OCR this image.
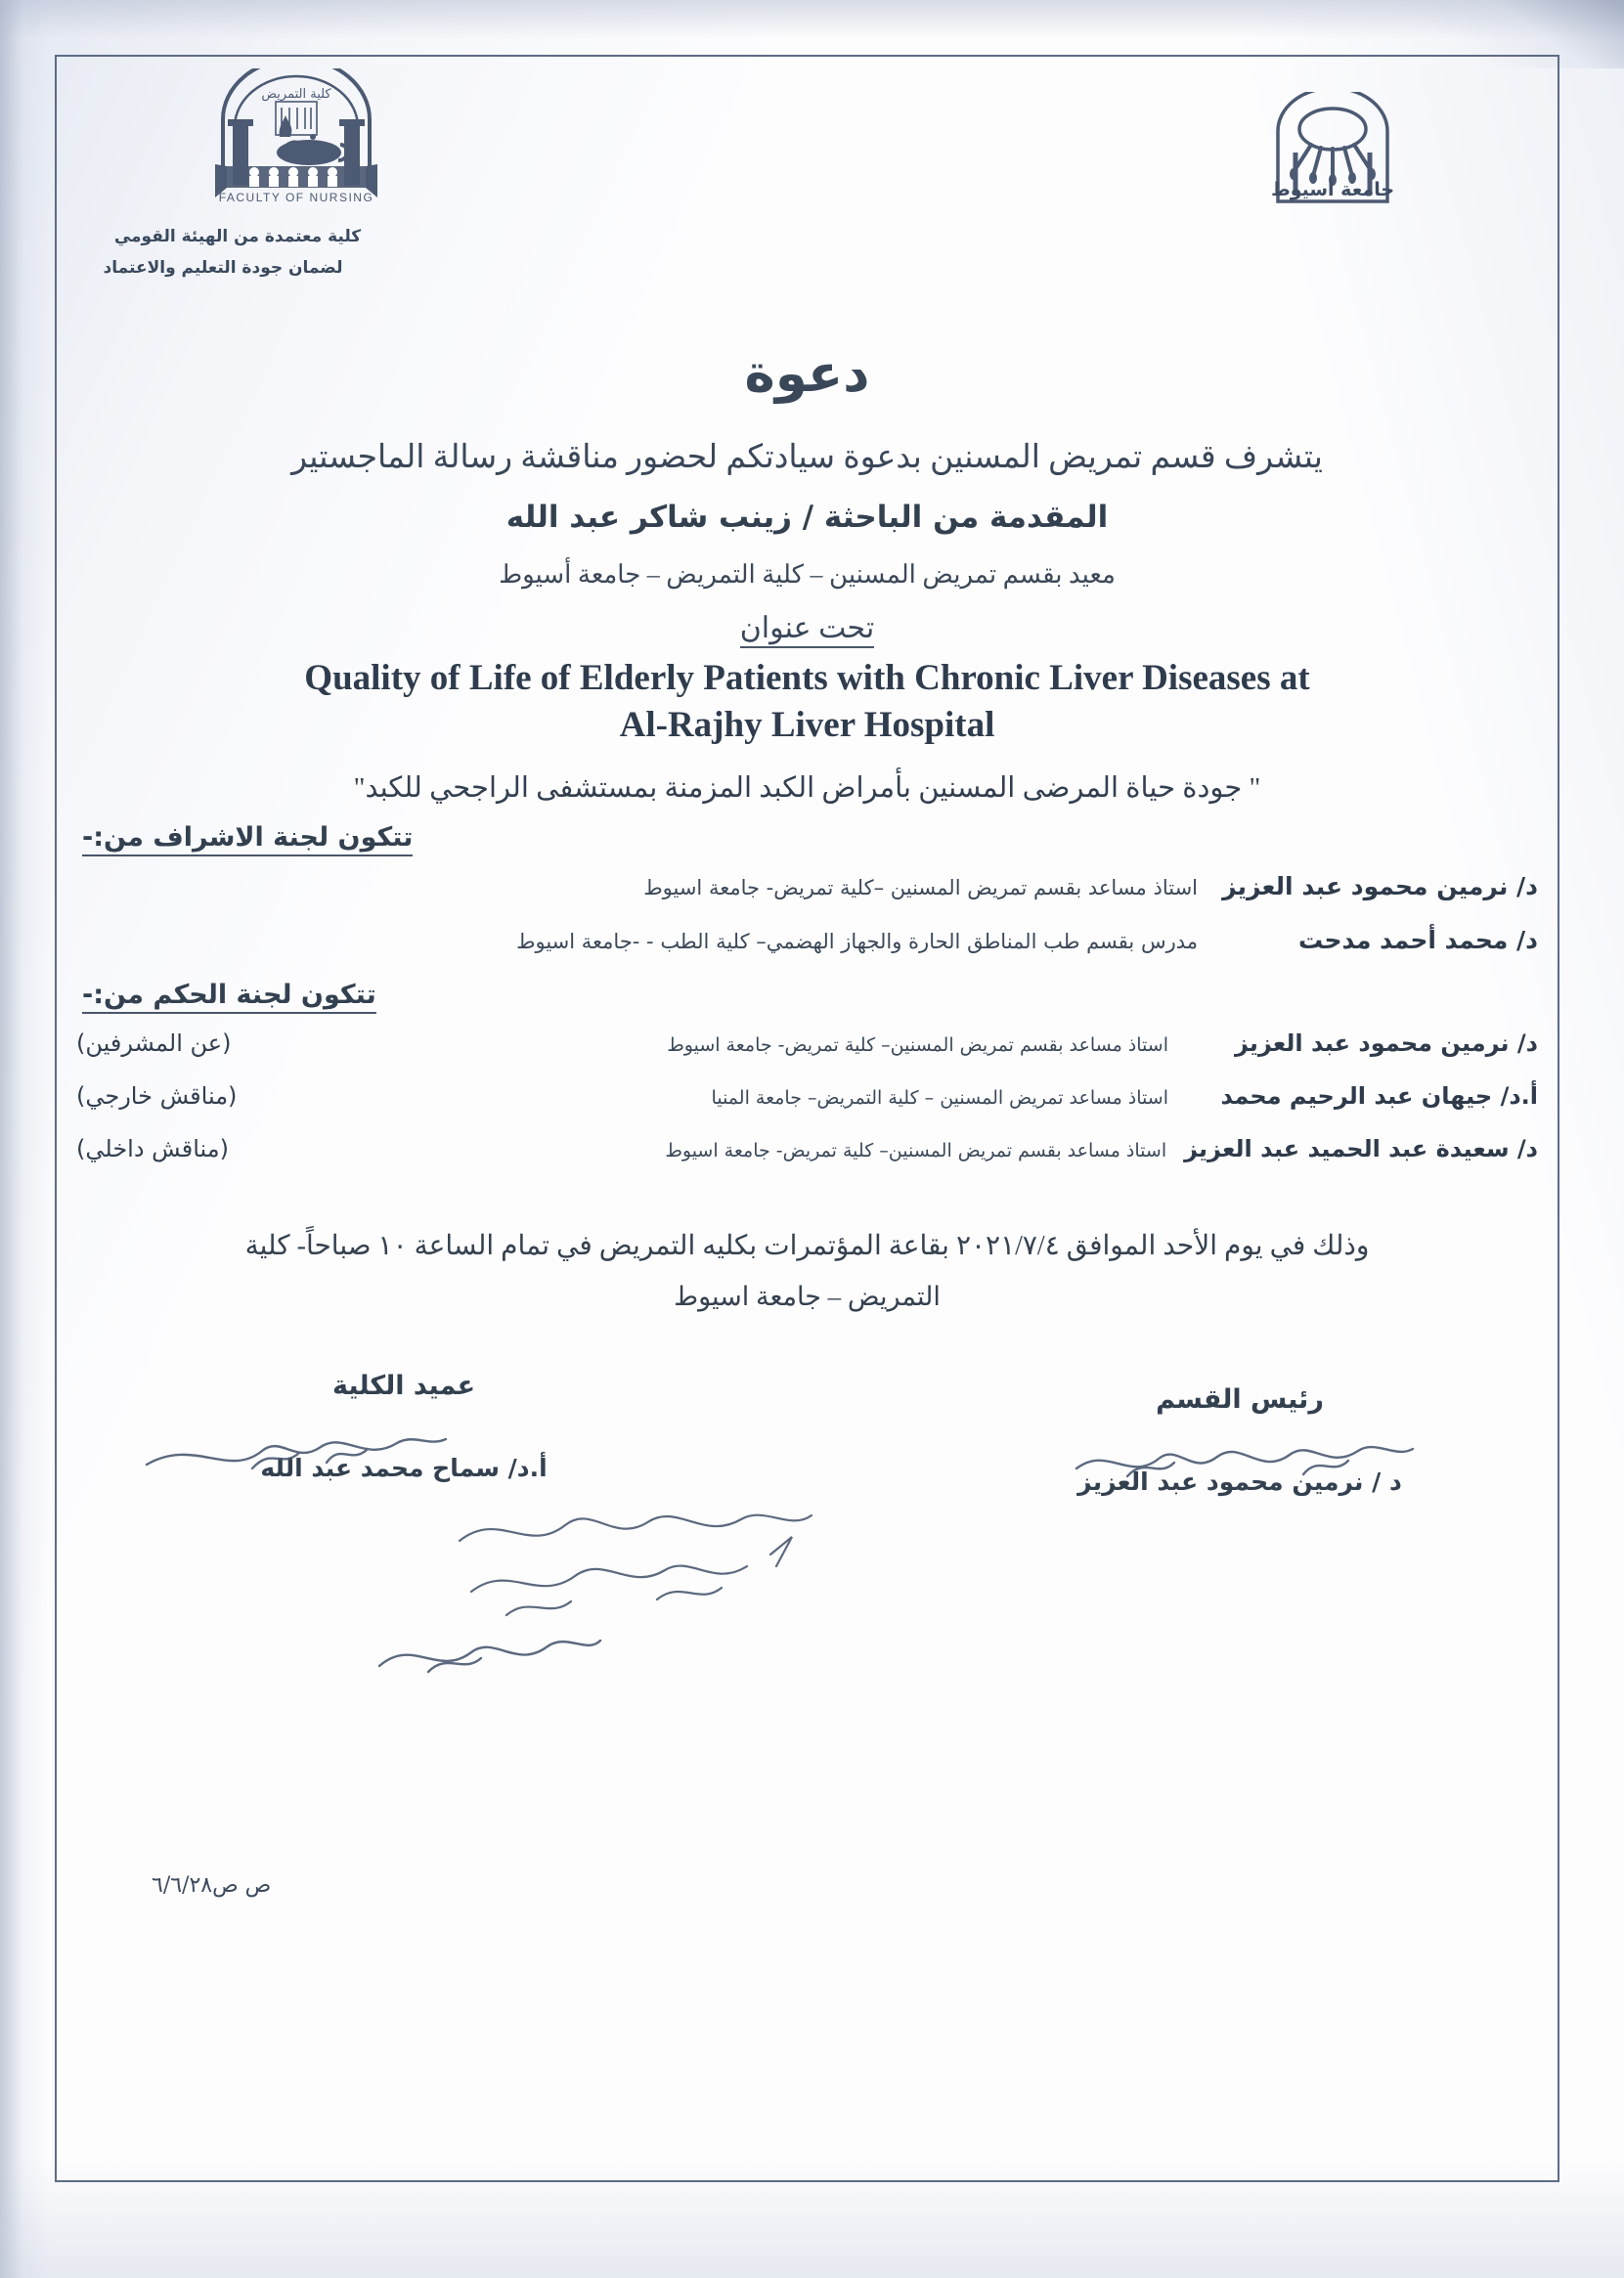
كلية التمريض
FACULTY OF NURSING
كلية معتمدة من الهيئة القومي
لضمان جودة التعليم والاعتماد
جامعة أسيوط
دعوة
يتشرف قسم تمريض المسنين بدعوة سيادتكم لحضور مناقشة رسالة الماجستير
المقدمة من الباحثة / زينب شاكر عبد الله
معيد بقسم تمريض المسنين – كلية التمريض – جامعة أسيوط
تحت عنوان
Quality of Life of Elderly Patients with Chronic Liver Diseases at
Al-Rajhy Liver Hospital
" جودة حياة المرضى المسنين بأمراض الكبد المزمنة بمستشفى الراجحي للكبد"
تتكون لجنة الاشراف من:-
د/ نرمين محمود عبد العزيز
استاذ مساعد بقسم تمريض المسنين –كلية تمريض- جامعة اسيوط
د/ محمد أحمد مدحت
مدرس بقسم طب المناطق الحارة والجهاز الهضمي– كلية الطب - -جامعة اسيوط
تتكون لجنة الحكم من:-
د/ نرمين محمود عبد العزيز
استاذ مساعد بقسم تمريض المسنين– كلية تمريض- جامعة اسيوط
(عن المشرفين)
أ.د/ جيهان عبد الرحيم محمد
استاذ مساعد تمريض المسنين – كلية التمريض– جامعة المنيا
(مناقش خارجي)
د/ سعيدة عبد الحميد عبد العزيز
استاذ مساعد بقسم تمريض المسنين– كلية تمريض- جامعة اسيوط
(مناقش داخلي)
وذلك في يوم الأحد الموافق ٢٠٢١/٧/٤ بقاعة المؤتمرات بكليه التمريض في تمام الساعة ١٠ صباحاً- كلية
التمريض – جامعة اسيوط
رئيس القسم
د / نرمين محمود عبد العزيز
عميد الكلية
أ.د/ سماح محمد عبد الله
ص ص٦/٦/٢٨
